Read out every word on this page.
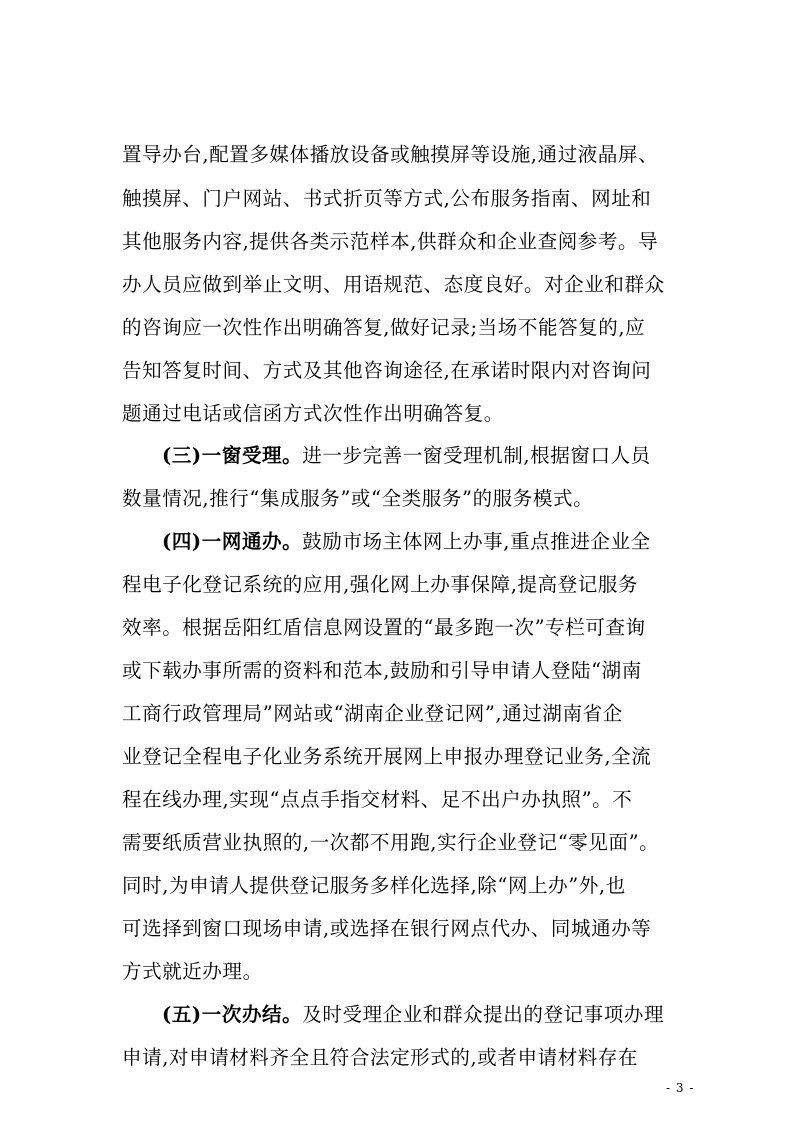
置导办台,配置多媒体播放设备或触摸屏等设施,通过液晶屏、
触摸屏、门户网站、书式折页等方式,公布服务指南、网址和
其他服务内容,提供各类示范样本,供群众和企业查阅参考。导
办人员应做到举止文明、用语规范、态度良好。对企业和群众
的咨询应一次性作出明确答复,做好记录;当场不能答复的,应
告知答复时间、方式及其他咨询途径,在承诺时限内对咨询问
题通过电话或信函方式次性作出明确答复。
(三)一窗受理。进一步完善一窗受理机制,根据窗口人员
数量情况,推行“集成服务”或“全类服务”的服务模式。
(四)一网通办。鼓励市场主体网上办事,重点推进企业全
程电子化登记系统的应用,强化网上办事保障,提高登记服务
效率。根据岳阳红盾信息网设置的“最多跑一次”专栏可查询
或下载办事所需的资料和范本,鼓励和引导申请人登陆“湖南
工商行政管理局”网站或“湖南企业登记网”,通过湖南省企
业登记全程电子化业务系统开展网上申报办理登记业务,全流
程在线办理,实现“点点手指交材料、足不出户办执照”。不
需要纸质营业执照的,一次都不用跑,实行企业登记“零见面”。
同时,为申请人提供登记服务多样化选择,除“网上办”外,也
可选择到窗口现场申请,或选择在银行网点代办、同城通办等
方式就近办理。
(五)一次办结。及时受理企业和群众提出的登记事项办理
申请,对申请材料齐全且符合法定形式的,或者申请材料存在
- 3 -
